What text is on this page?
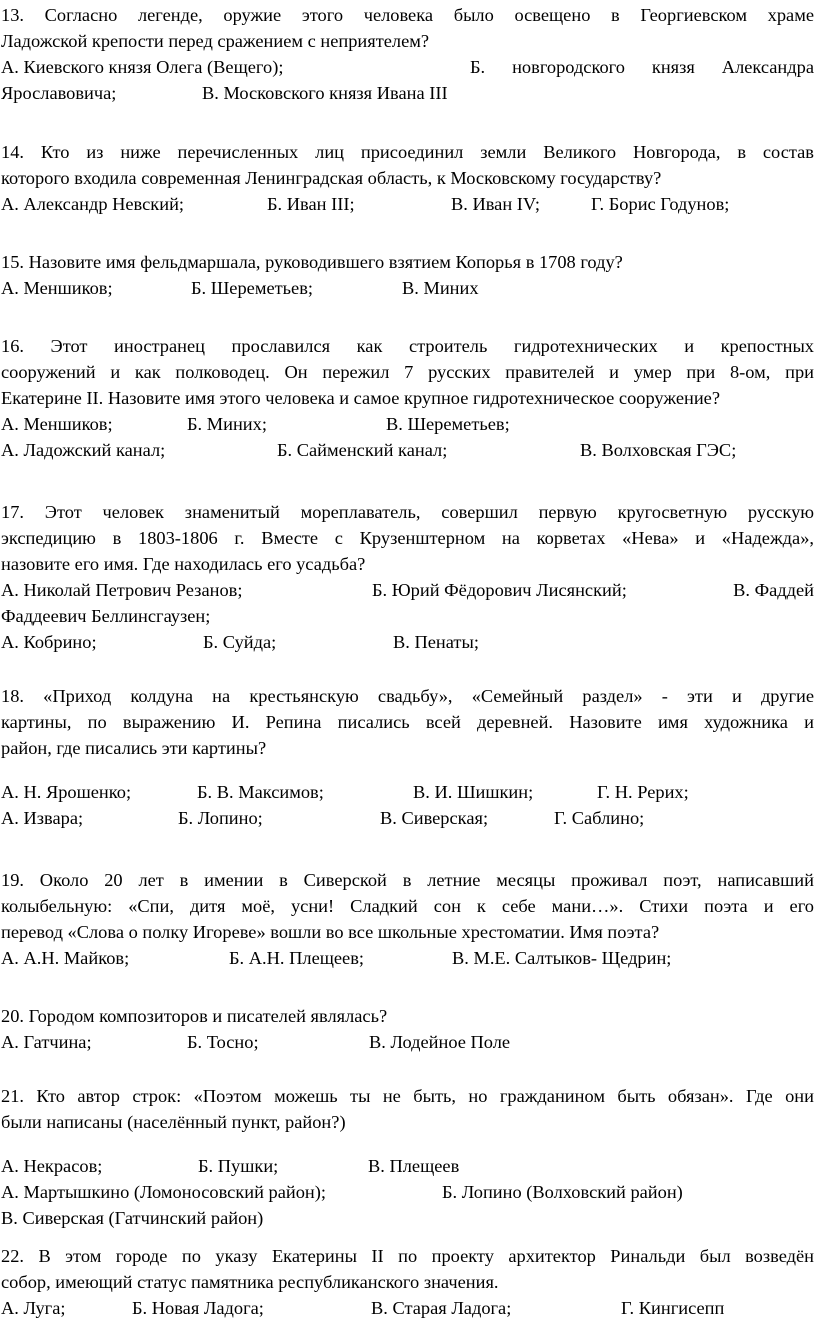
13. Согласно легенде, оружие этого человека было освещено в Георгиевском храме

Ладожской крепости перед сражением с неприятелем?

А. Киевского князя Олега (Вещего);	Б. новгородского князя Александра
Ярославовича;	В. Московского князя Ивана III

14. Кто из ниже перечисленных лиц присоединил земли Великого Новгорода, в состав

которого входила современная Ленинградская область, к Московскому государству?

А. Александр Невский;	Б. Иван III;	В. Иван IV;	Г. Борис Годунов;

15. Назовите имя фельдмаршала, руководившего взятием Копорья в 1708 году?

А. Меншиков;	Б. Шереметьев;	В. Миних

16. Этот иностранец прославился как строитель гидротехнических и крепостных

сооружений и как полководец. Он пережил 7 русских правителей и умер при 8-ом, при

Екатерине II. Назовите имя этого человека и самое крупное гидротехническое сооружение?

А. Меншиков;	Б. Миних;	В. Шереметьев;
А. Ладожский канал;	Б. Сайменский канал;	В. Волховская ГЭС;

17. Этот человек знаменитый мореплаватель, совершил первую кругосветную русскую

экспедицию в 1803-1806 г. Вместе с Крузенштерном на корветах «Нева» и «Надежда»,

назовите его имя. Где находилась его усадьба?

А. Николай Петрович Резанов;	Б. Юрий Фёдорович Лисянский;	В. Фаддей
Фаддеевич Беллинсгаузен;
А. Кобрино;	Б. Суйда;	В. Пенаты;

18. «Приход колдуна на крестьянскую свадьбу», «Семейный раздел» - эти и другие

картины, по выражению И. Репина писались всей деревней. Назовите имя художника и

район, где писались эти картины?

А. Н. Ярошенко;	Б. В. Максимов;	В. И. Шишкин;	Г. Н. Рерих;
А. Извара;	Б. Лопино;	В. Сиверская;	Г. Саблино;

19. Около 20 лет в имении в Сиверской в летние месяцы проживал поэт, написавший

колыбельную: «Спи, дитя моё, усни! Сладкий сон к себе мани…». Стихи поэта и его

перевод «Слова о полку Игореве» вошли во все школьные хрестоматии. Имя поэта?

А. А.Н. Майков;	Б. А.Н. Плещеев;	В. М.Е. Салтыков- Щедрин;

20. Городом композиторов и писателей являлась?

А. Гатчина;	Б. Тосно;	В. Лодейное Поле

21. Кто автор строк: «Поэтом можешь ты не быть, но гражданином быть обязан». Где они

были написаны (населённый пункт, район?)

А. Некрасов;	Б. Пушки;	В. Плещеев
А. Мартышкино (Ломоносовский район);	Б. Лопино (Волховский район)
В. Сиверская (Гатчинский район)

22. В этом городе по указу Екатерины II по проекту архитектор Ринальди был возведён

собор, имеющий статус памятника республиканского значения.

А. Луга;	Б. Новая Ладога;	В. Старая Ладога;	Г. Кингисепп
